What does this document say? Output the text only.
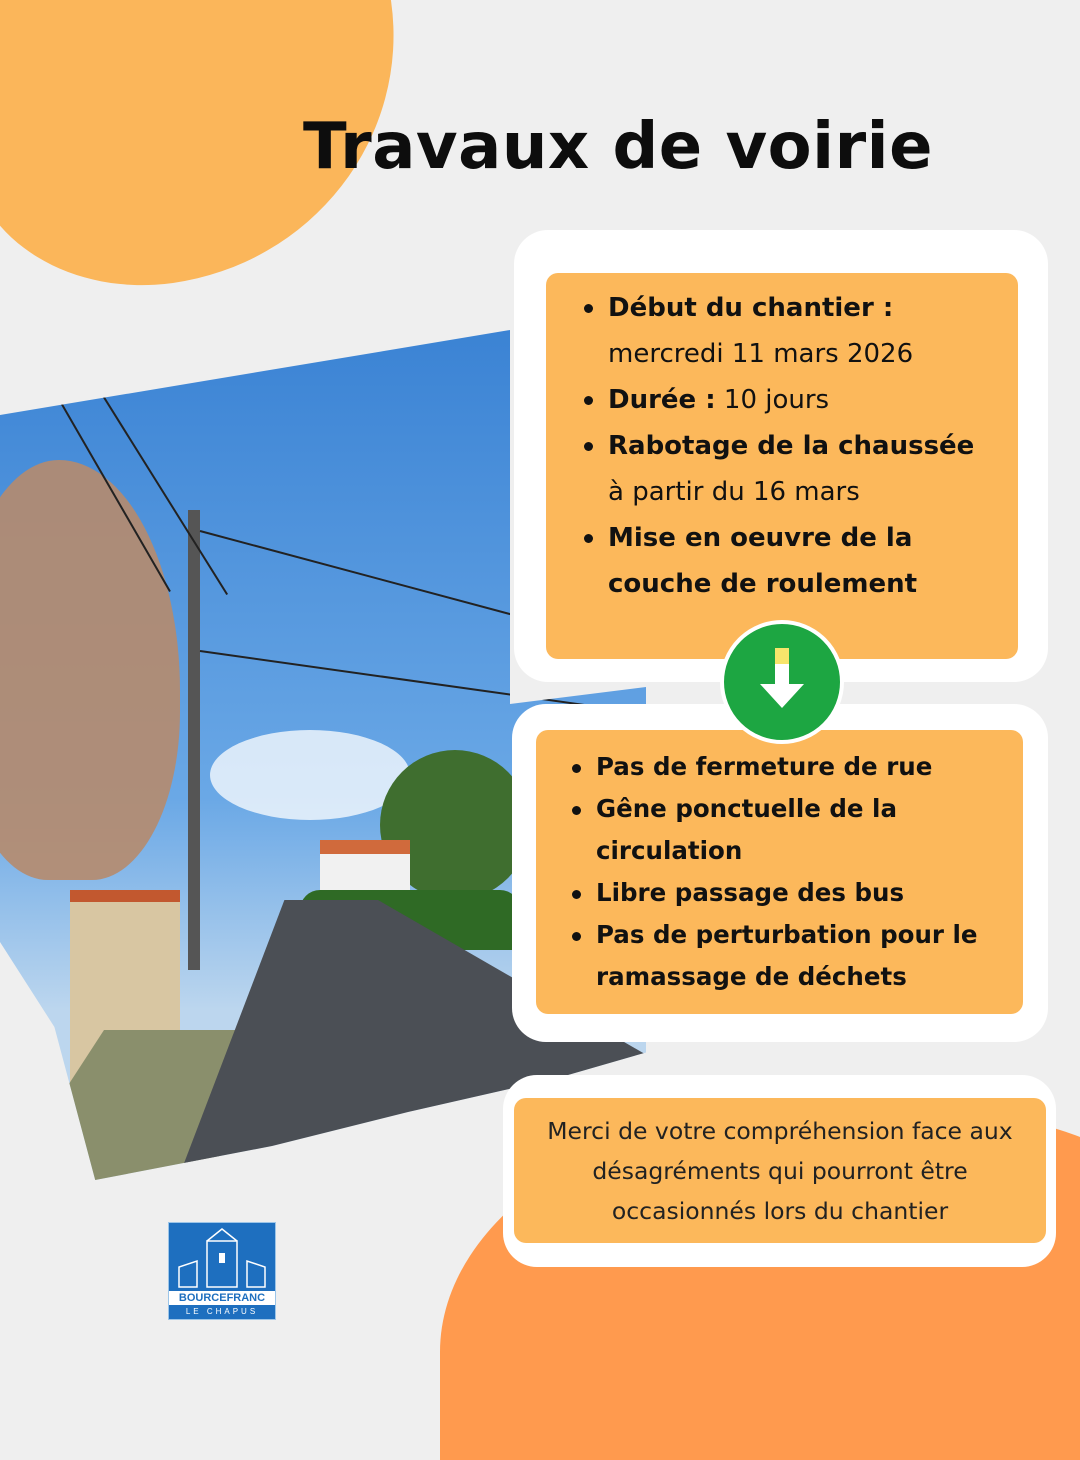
Travaux de voirie
Début du chantier :
mercredi 11 mars 2026
Durée : 10 jours
Rabotage de la chaussée
à partir du 16 mars
Mise en oeuvre de la couche de roulement
Pas de fermeture de rue
Gêne ponctuelle de la circulation
Libre passage des bus
Pas de perturbation pour le ramassage de déchets

Merci de votre compréhension face aux désagréments qui pourront être occasionnés lors du chantier

BOURCEFRANC
LE CHAPUS
